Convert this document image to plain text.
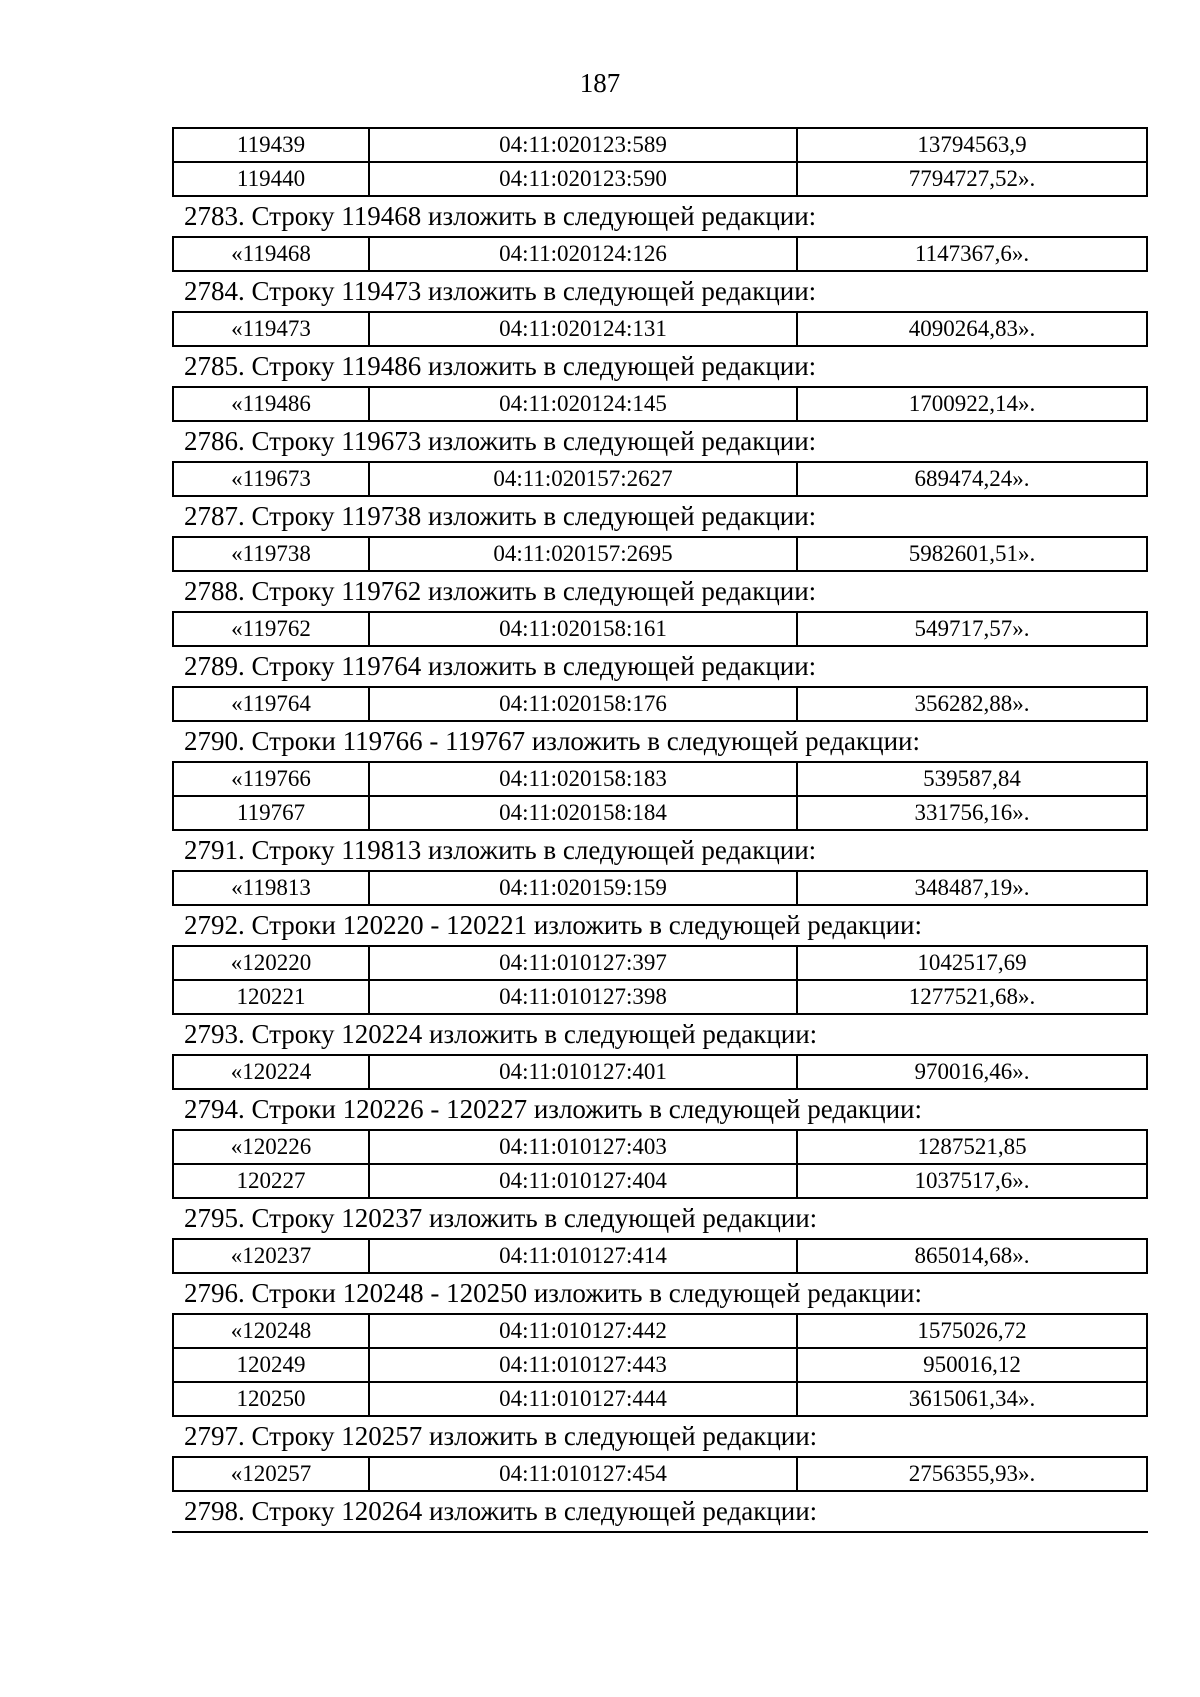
187
119439	04:11:020123:589	13794563,9
119440	04:11:020123:590	7794727,52».
2783. Строку 119468 изложить в следующей редакции:
«119468	04:11:020124:126	1147367,6».
2784. Строку 119473 изложить в следующей редакции:
«119473	04:11:020124:131	4090264,83».
2785. Строку 119486 изложить в следующей редакции:
«119486	04:11:020124:145	1700922,14».
2786. Строку 119673 изложить в следующей редакции:
«119673	04:11:020157:2627	689474,24».
2787. Строку 119738 изложить в следующей редакции:
«119738	04:11:020157:2695	5982601,51».
2788. Строку 119762 изложить в следующей редакции:
«119762	04:11:020158:161	549717,57».
2789. Строку 119764 изложить в следующей редакции:
«119764	04:11:020158:176	356282,88».
2790. Строки 119766 - 119767 изложить в следующей редакции:
«119766	04:11:020158:183	539587,84
119767	04:11:020158:184	331756,16».
2791. Строку 119813 изложить в следующей редакции:
«119813	04:11:020159:159	348487,19».
2792. Строки 120220 - 120221 изложить в следующей редакции:
«120220	04:11:010127:397	1042517,69
120221	04:11:010127:398	1277521,68».
2793. Строку 120224 изложить в следующей редакции:
«120224	04:11:010127:401	970016,46».
2794. Строки 120226 - 120227 изложить в следующей редакции:
«120226	04:11:010127:403	1287521,85
120227	04:11:010127:404	1037517,6».
2795. Строку 120237 изложить в следующей редакции:
«120237	04:11:010127:414	865014,68».
2796. Строки 120248 - 120250 изложить в следующей редакции:
«120248	04:11:010127:442	1575026,72
120249	04:11:010127:443	950016,12
120250	04:11:010127:444	3615061,34».
2797. Строку 120257 изложить в следующей редакции:
«120257	04:11:010127:454	2756355,93».
2798. Строку 120264 изложить в следующей редакции:
